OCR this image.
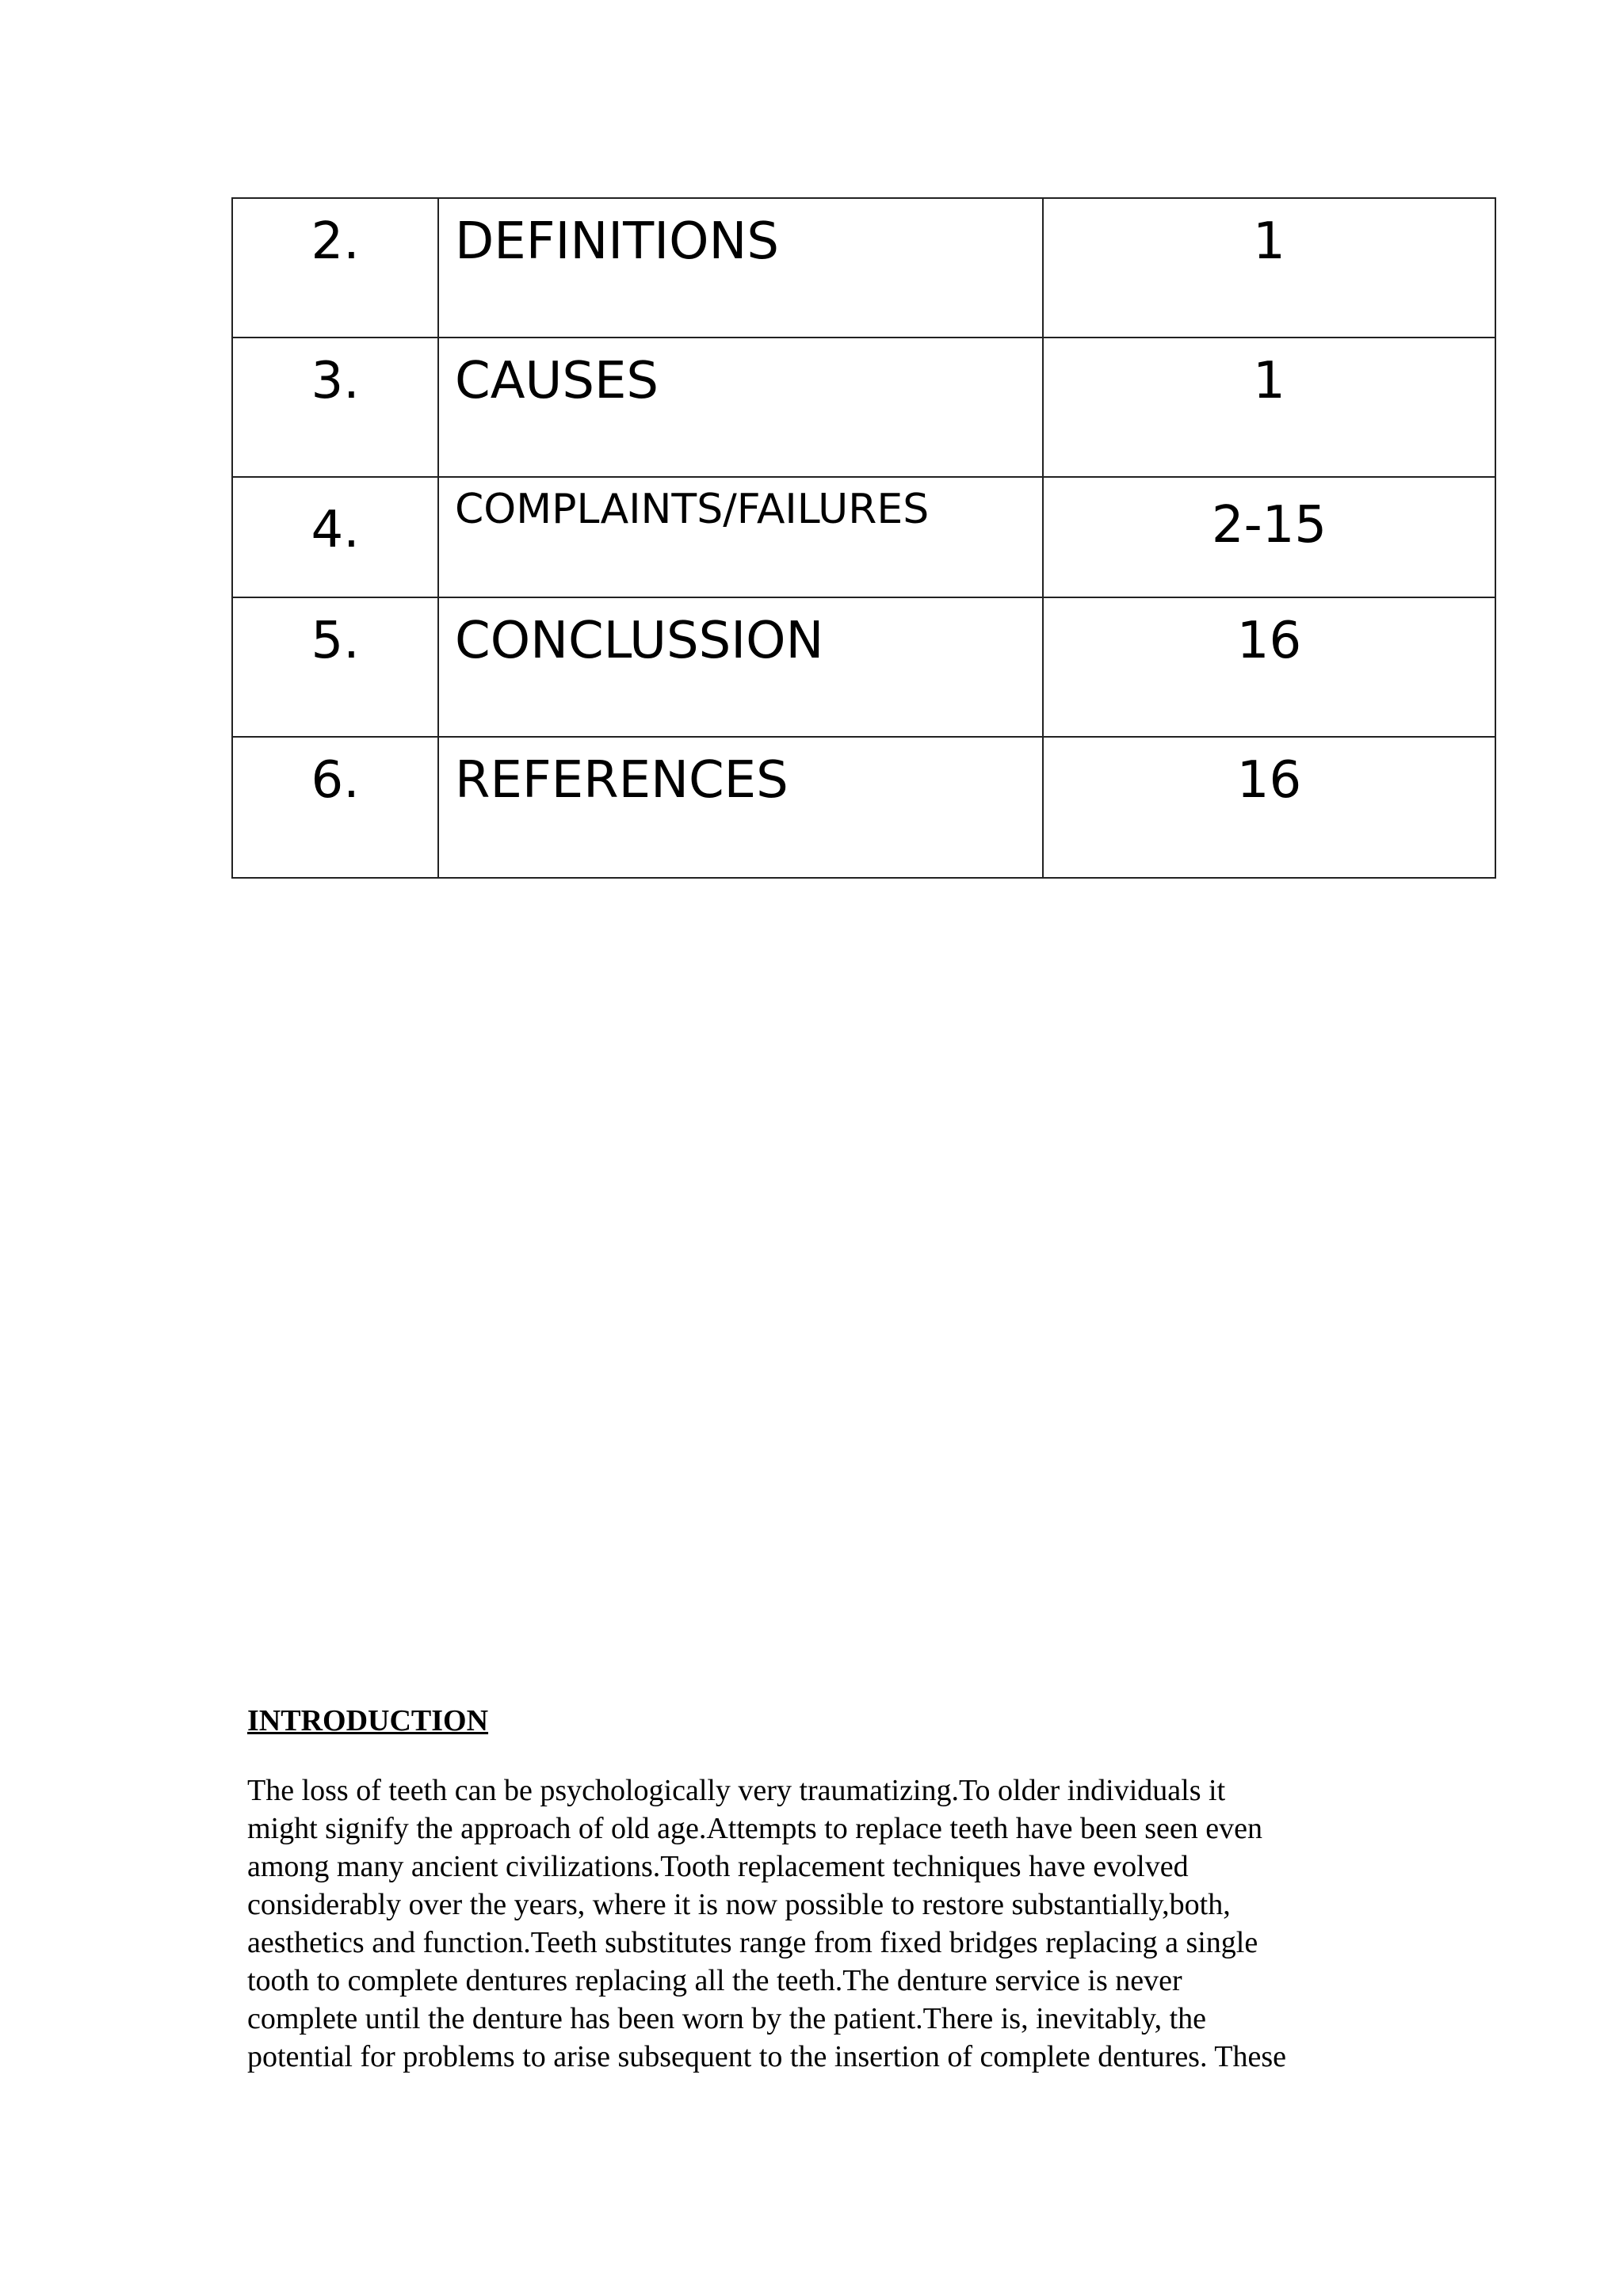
2.	DEFINITIONS	1
3.	CAUSES	1
4.	COMPLAINTS/FAILURES	2-15
5.	CONCLUSSION	16
6.	REFERENCES	16
INTRODUCTION

The loss of teeth can be psychologically very traumatizing.To older individuals it
might signify the approach of old age.Attempts to replace teeth have been seen even
among many ancient civilizations.Tooth replacement techniques have evolved
considerably over the years, where it is now possible to restore substantially,both,
aesthetics and function.Teeth substitutes range from fixed bridges replacing a single
tooth to complete dentures replacing all the teeth.The denture service is never
complete until the denture has been worn by the patient.There is, inevitably, the
potential for problems to arise subsequent to the insertion of complete dentures. These
